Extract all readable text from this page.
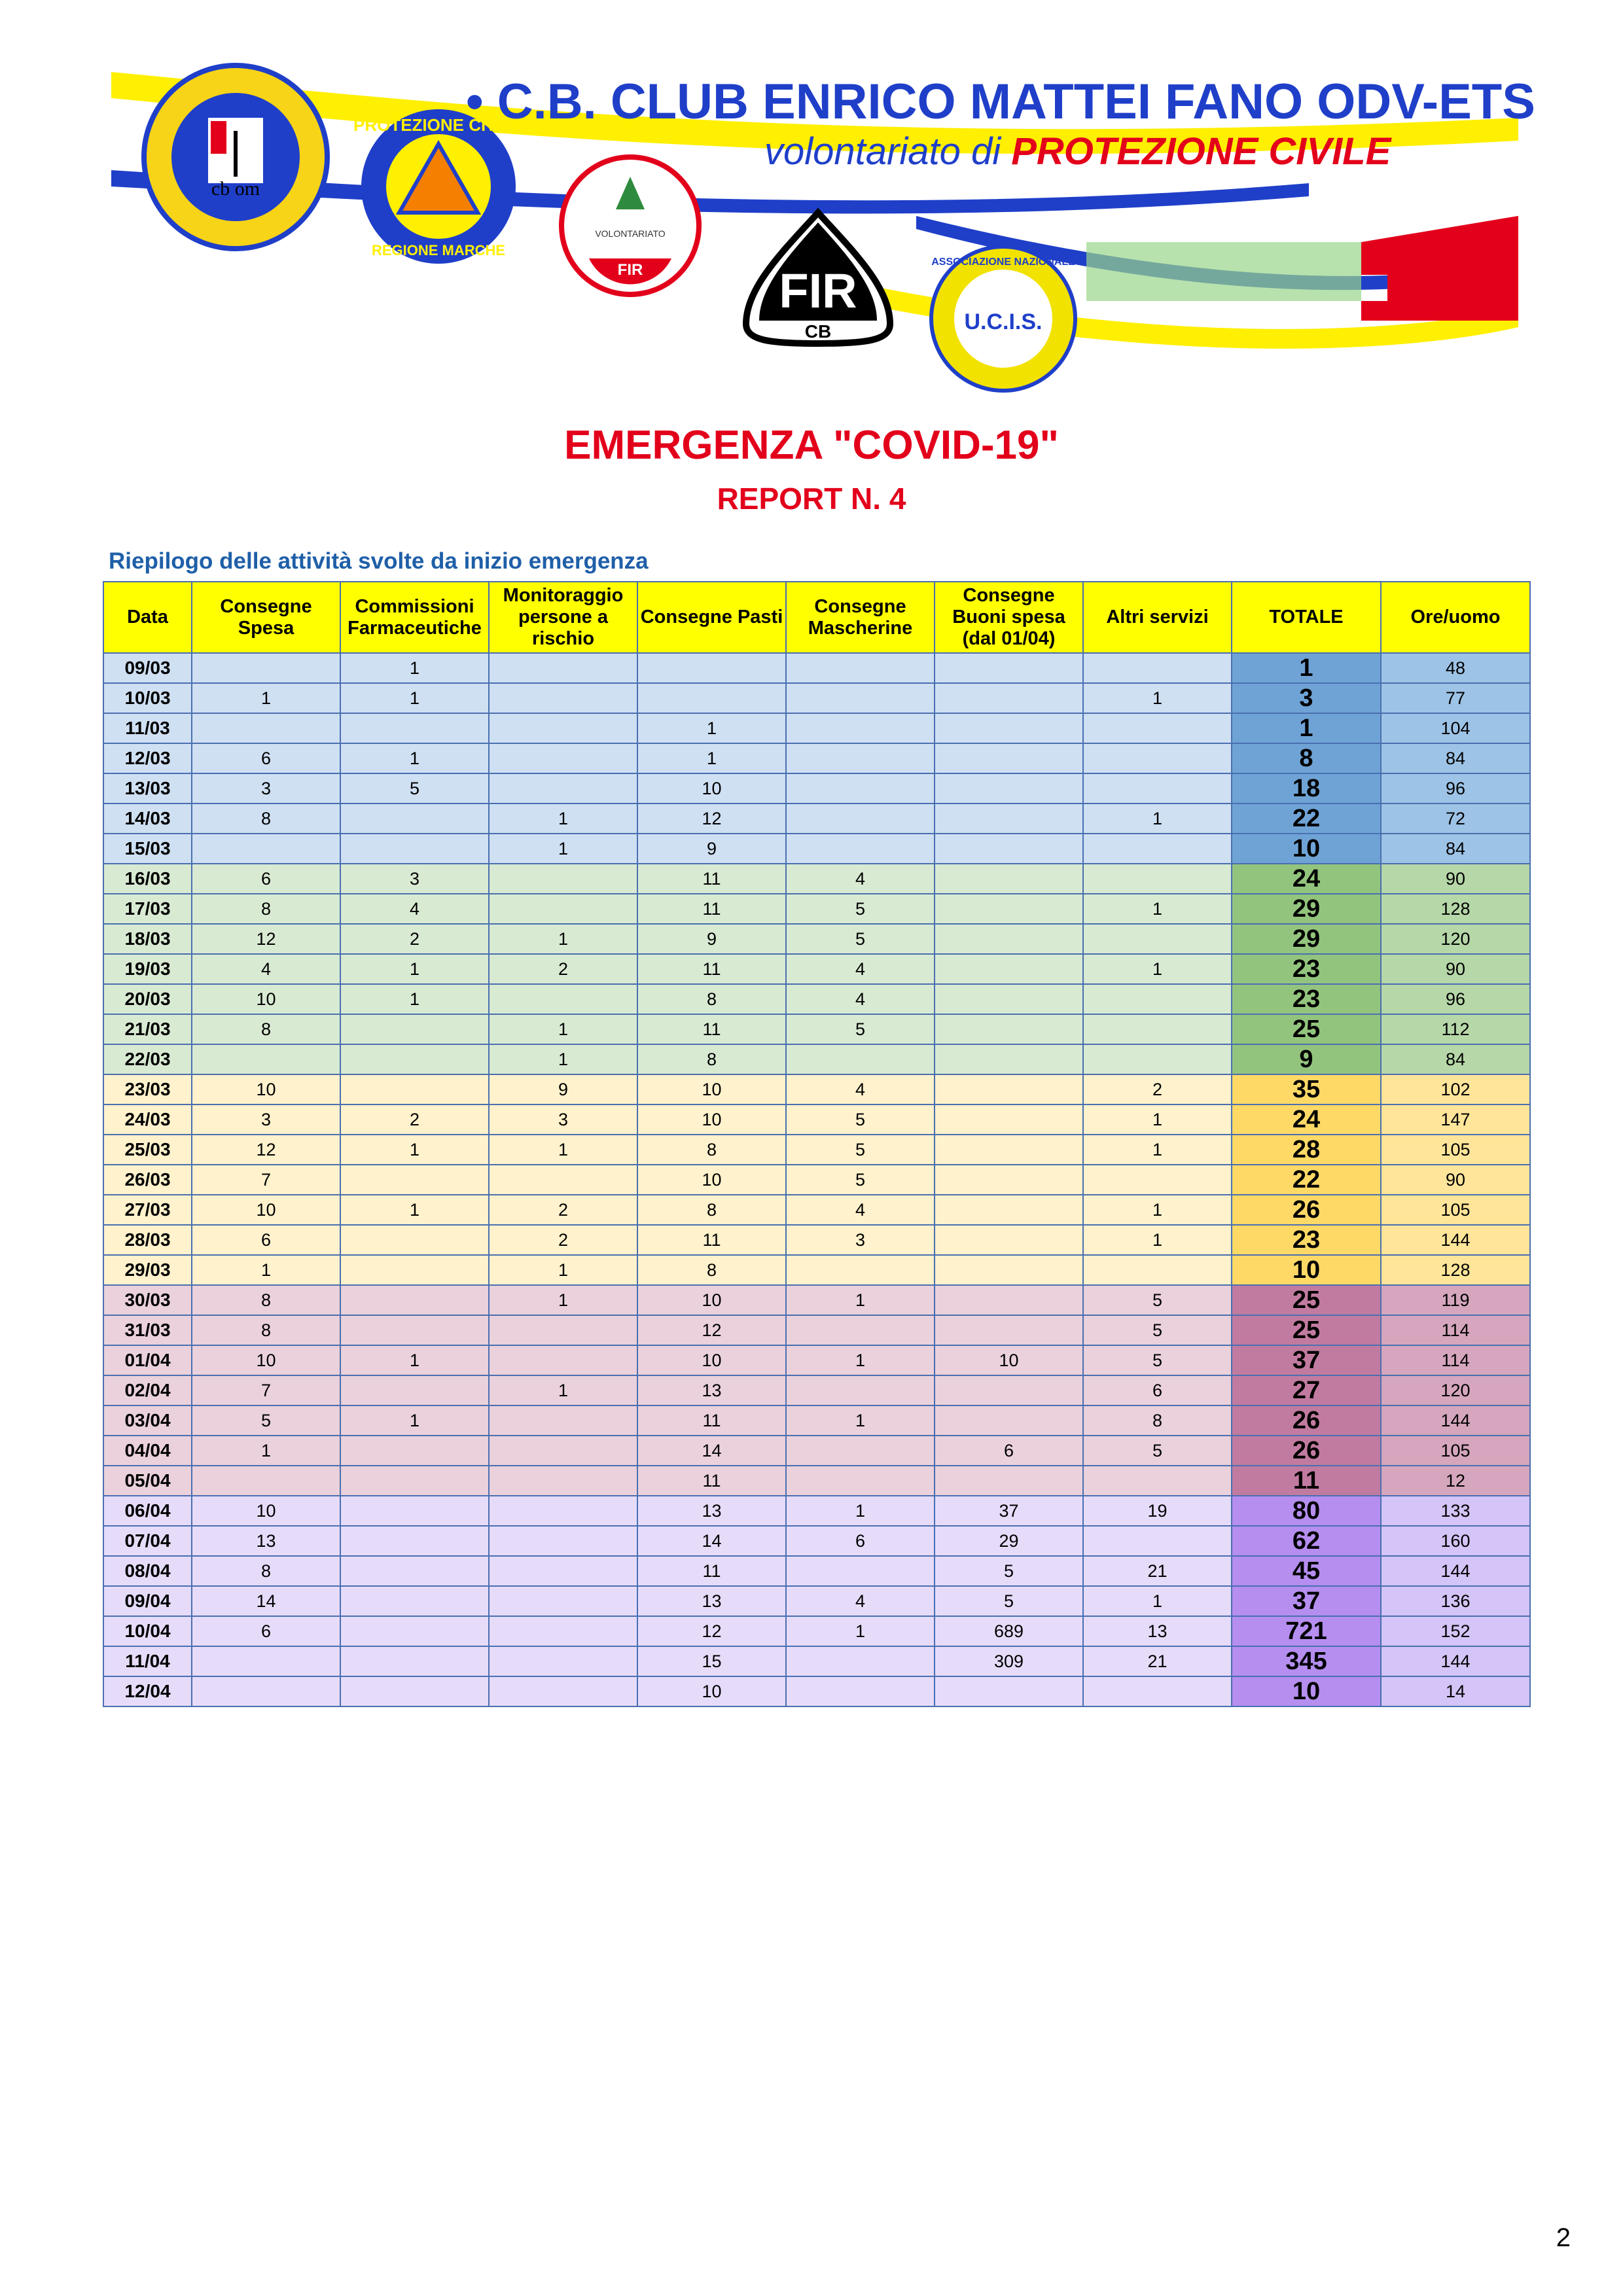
cb om
PROTEZIONE CIVILE
REGIONE MARCHE
VOLONTARIATO
FIR	FIR
CB	U.C.I.S.
ASSOCIAZIONE NAZIONALE
• C.B. CLUB ENRICO MATTEI FANO ODV-ETS
volontariato di PROTEZIONE CIVILE
EMERGENZA "COVID-19"
REPORT N. 4
Riepilogo delle attività svolte da inizio emergenza
Data	Consegne Spesa	Commissioni Farmaceutiche	Monitoraggio persone a rischio	Consegne Pasti	Consegne Mascherine	Consegne Buoni spesa (dal 01/04)	Altri servizi	TOTALE	Ore/uomo
09/03		1						1	48
10/03	1	1					1	3	77
11/03				1				1	104
12/03	6	1		1				8	84
13/03	3	5		10				18	96
14/03	8		1	12			1	22	72
15/03			1	9				10	84
16/03	6	3		11	4			24	90
17/03	8	4		11	5		1	29	128
18/03	12	2	1	9	5			29	120
19/03	4	1	2	11	4		1	23	90
20/03	10	1		8	4			23	96
21/03	8		1	11	5			25	112
22/03			1	8				9	84
23/03	10		9	10	4		2	35	102
24/03	3	2	3	10	5		1	24	147
25/03	12	1	1	8	5		1	28	105
26/03	7			10	5			22	90
27/03	10	1	2	8	4		1	26	105
28/03	6		2	11	3		1	23	144
29/03	1		1	8				10	128
30/03	8		1	10	1		5	25	119
31/03	8			12			5	25	114
01/04	10	1		10	1	10	5	37	114
02/04	7		1	13			6	27	120
03/04	5	1		11	1		8	26	144
04/04	1			14		6	5	26	105
05/04				11				11	12
06/04	10			13	1	37	19	80	133
07/04	13			14	6	29		62	160
08/04	8			11		5	21	45	144
09/04	14			13	4	5	1	37	136
10/04	6			12	1	689	13	721	152
11/04				15		309	21	345	144
12/04				10				10	14
2
